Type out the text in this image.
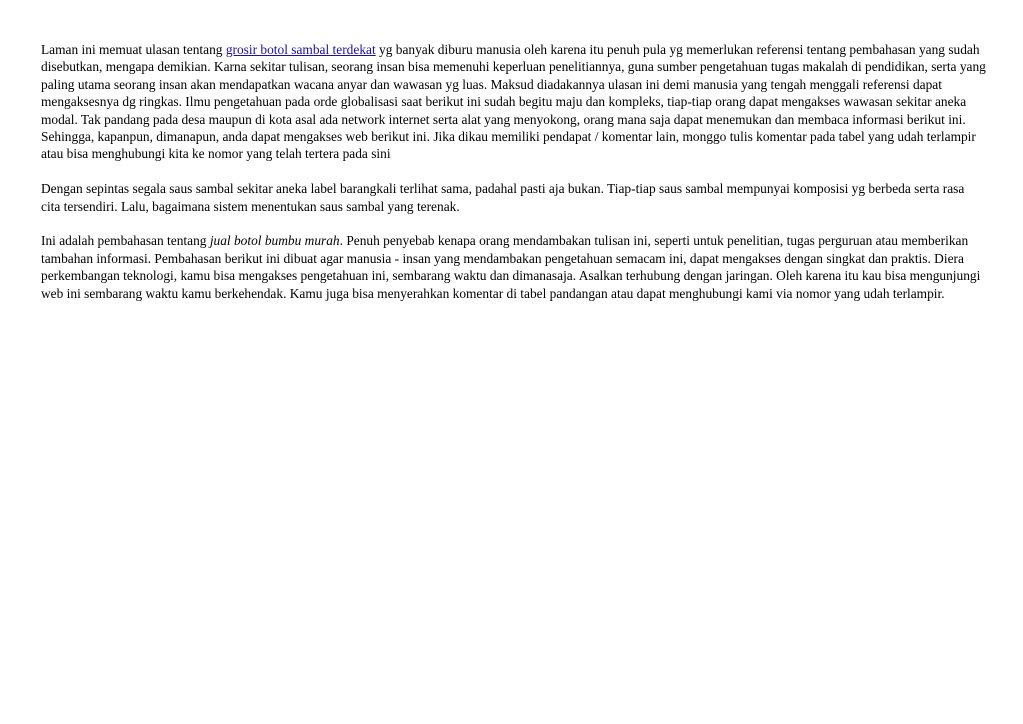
Laman ini memuat ulasan tentang grosir botol sambal terdekat yg banyak diburu manusia oleh karena itu penuh pula yg memerlukan referensi tentang pembahasan yang sudah disebutkan, mengapa demikian. Karna sekitar tulisan, seorang insan bisa memenuhi keperluan penelitiannya, guna sumber pengetahuan tugas makalah di pendidikan, serta yang paling utama seorang insan akan mendapatkan wacana anyar dan wawasan yg luas. Maksud diadakannya ulasan ini demi manusia yang tengah menggali referensi dapat mengaksesnya dg ringkas. Ilmu pengetahuan pada orde globalisasi saat berikut ini sudah begitu maju dan kompleks, tiap-tiap orang dapat mengakses wawasan sekitar aneka modal. Tak pandang pada desa maupun di kota asal ada network internet serta alat yang menyokong, orang mana saja dapat menemukan dan membaca informasi berikut ini. Sehingga, kapanpun, dimanapun, anda dapat mengakses web berikut ini. Jika dikau memiliki pendapat / komentar lain, monggo tulis komentar pada tabel yang udah terlampir atau bisa menghubungi kita ke nomor yang telah tertera pada sini

Dengan sepintas segala saus sambal sekitar aneka label barangkali terlihat sama, padahal pasti aja bukan. Tiap-tiap saus sambal mempunyai komposisi yg berbeda serta rasa cita tersendiri. Lalu, bagaimana sistem menentukan saus sambal yang terenak.

Ini adalah pembahasan tentang jual botol bumbu murah. Penuh penyebab kenapa orang mendambakan tulisan ini, seperti untuk penelitian, tugas perguruan atau memberikan tambahan informasi. Pembahasan berikut ini dibuat agar manusia - insan yang mendambakan pengetahuan semacam ini, dapat mengakses dengan singkat dan praktis. Diera perkembangan teknologi, kamu bisa mengakses pengetahuan ini, sembarang waktu dan dimanasaja. Asalkan terhubung dengan jaringan. Oleh karena itu kau bisa mengunjungi web ini sembarang waktu kamu berkehendak. Kamu juga bisa menyerahkan komentar di tabel pandangan atau dapat menghubungi kami via nomor yang udah terlampir.
